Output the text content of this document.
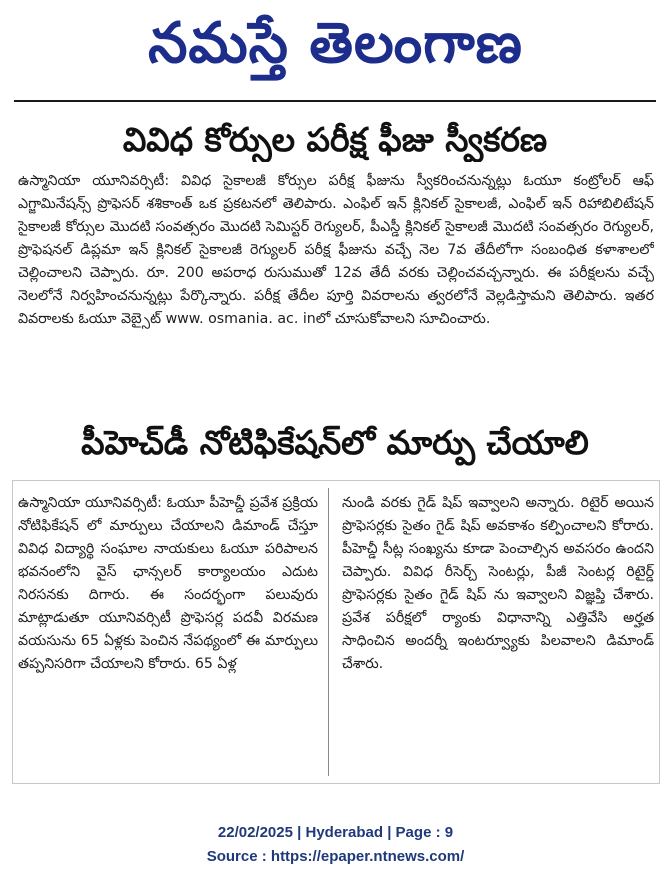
నమస్తే తెలంగాణ
వివిధ కోర్సుల పరీక్ష ఫీజు స్వీకరణ
ఉస్మానియా యూనివర్సిటీ: వివిధ సైకాలజీ కోర్సుల పరీక్ష ఫీజును స్వీకరించనున్నట్లు ఓయూ కంట్రోలర్ ఆఫ్ ఎగ్జామినేషన్స్ ప్రొఫెసర్ శశికాంత్ ఒక ప్రకటనలో తెలిపారు. ఎంఫిల్ ఇన్ క్లినికల్ సైకాలజీ, ఎంఫిల్ ఇన్ రిహాబిలిటేషన్ సైకాలజీ కోర్సుల మొదటి సంవత్సరం మొదటి సెమిస్టర్ రెగ్యులర్, పీఎస్డీ క్లినికల్ సైకాలజీ మొదటి సంవత్సరం రెగ్యులర్, ప్రొఫెషనల్ డిప్లమా ఇన్ క్లినికల్ సైకాలజీ రెగ్యులర్ పరీక్ష ఫీజును వచ్చే నెల 7వ తేదీలోగా సంబంధిత కళాశాలలో చెల్లించాలని చెప్పారు. రూ. 200 అపరాధ రుసుముతో 12వ తేదీ వరకు చెల్లించవచ్చన్నారు. ఈ పరీక్షలను వచ్చే నెలలోనే నిర్వహించనున్నట్లు పేర్కొన్నారు. పరీక్ష తేదీల పూర్తి వివరాలను త్వరలోనే వెల్లడిస్తామని తెలిపారు. ఇతర వివరాలకు ఓయూ వెబ్సైట్ www. osmania. ac. inలో చూసుకోవాలని సూచించారు.
పీహెచ్‌డీ నోటిఫికేషన్‌లో మార్పు చేయాలి
ఉస్మానియా యూనివర్సిటీ: ఓయూ పీహెచ్డీ ప్రవేశ ప్రక్రియ నోటిఫికేషన్ లో మార్పులు చేయాలని డిమాండ్ చేస్తూ వివిధ విద్యార్థి సంఘాల నాయకులు ఓయూ పరిపాలన భవనంలోని వైస్ ఛాన్సలర్ కార్యాలయం ఎదుట నిరసనకు దిగారు. ఈ సందర్భంగా పలువురు మాట్లాడుతూ యూనివర్సిటీ ప్రొఫెసర్ల పదవీ విరమణ వయసును 65 ఏళ్లకు పెంచిన నేపథ్యంలో ఈ మార్పులు తప్పనిసరిగా చేయాలని కోరారు. 65 ఏళ్ల
నుండి వరకు గైడ్ షిప్ ఇవ్వాలని అన్నారు. రిటైర్ అయిన ప్రొఫెసర్లకు సైతం గైడ్ షిప్ అవకాశం కల్పించాలని కోరారు. పీహెచ్డీ సీట్ల సంఖ్యను కూడా పెంచాల్సిన అవసరం ఉందని చెప్పారు. వివిధ రీసెర్చ్ సెంటర్లు, పీజీ సెంటర్ల రిటైర్డ్ ప్రొఫెసర్లకు సైతం గైడ్ షిప్ ను ఇవ్వాలని విజ్ఞప్తి చేశారు. ప్రవేశ పరీక్షలో ర్యాంకు విధానాన్ని ఎత్తివేసి అర్హత సాధించిన అందర్నీ ఇంటర్వ్యూకు పిలవాలని డిమాండ్ చేశారు.
22/02/2025 | Hyderabad | Page : 9
Source : https://epaper.ntnews.com/
